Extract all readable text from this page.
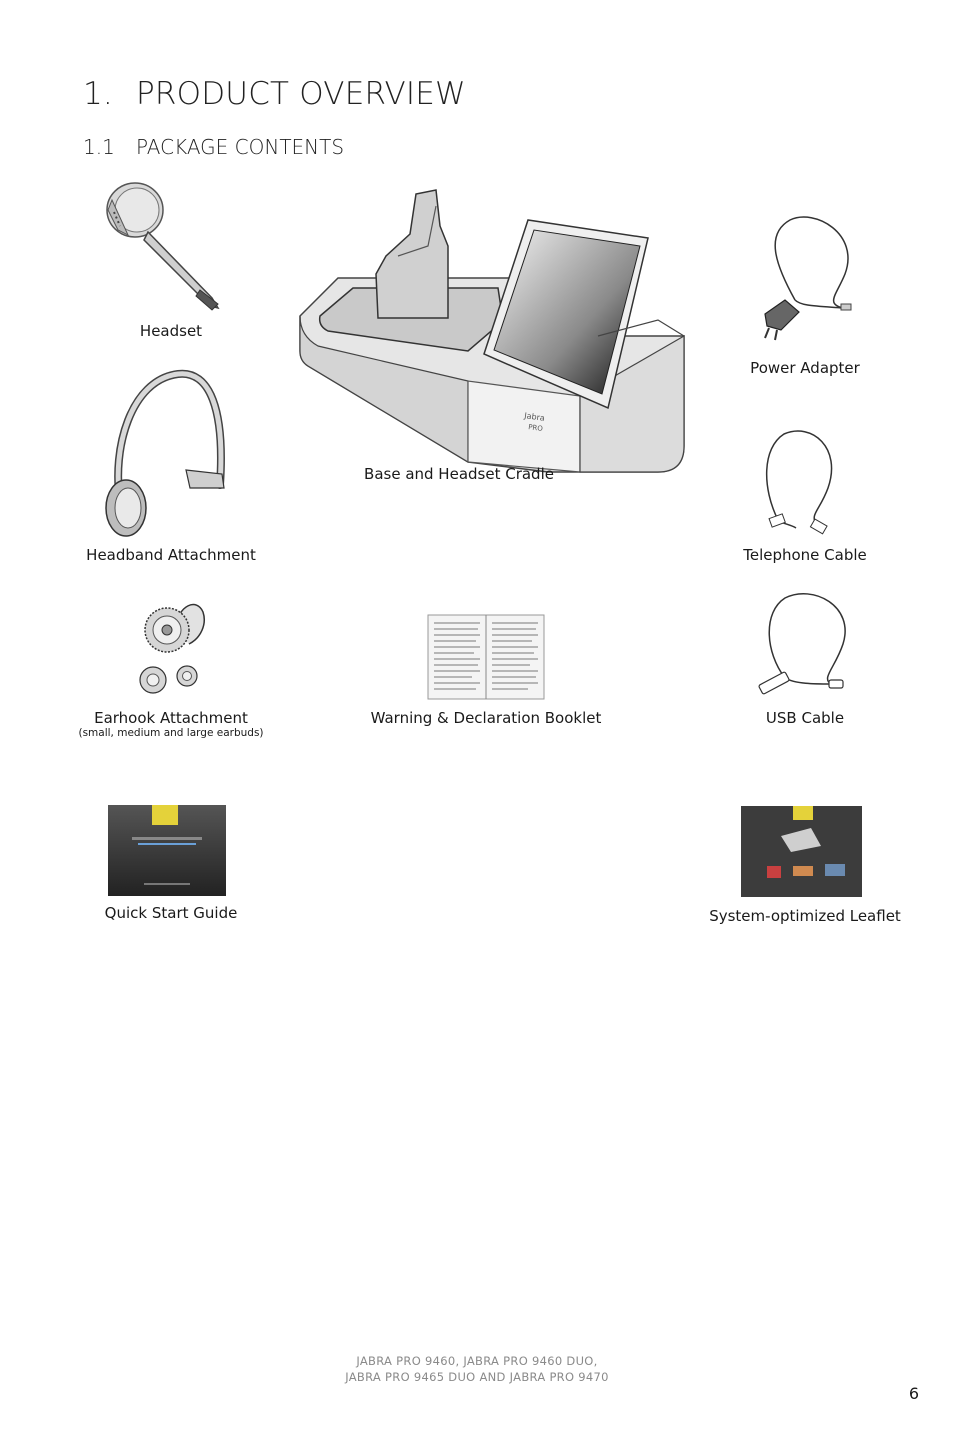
1. PRODUCT OVERVIEW
1.1 PACKAGE CONTENTS
Headset
Jabra
PRO
Base and Headset Cradle
Power Adapter
Headband Attachment	Telephone Cable
Earhook Attachment
(small, medium and large earbuds)
Warning & Declaration Booklet	USB Cable
Quick Start Guide	System-optimized Leaflet
JABRA PRO 9460, JABRA PRO 9460 DUO,
JABRA PRO 9465 DUO AND JABRA PRO 9470
6
